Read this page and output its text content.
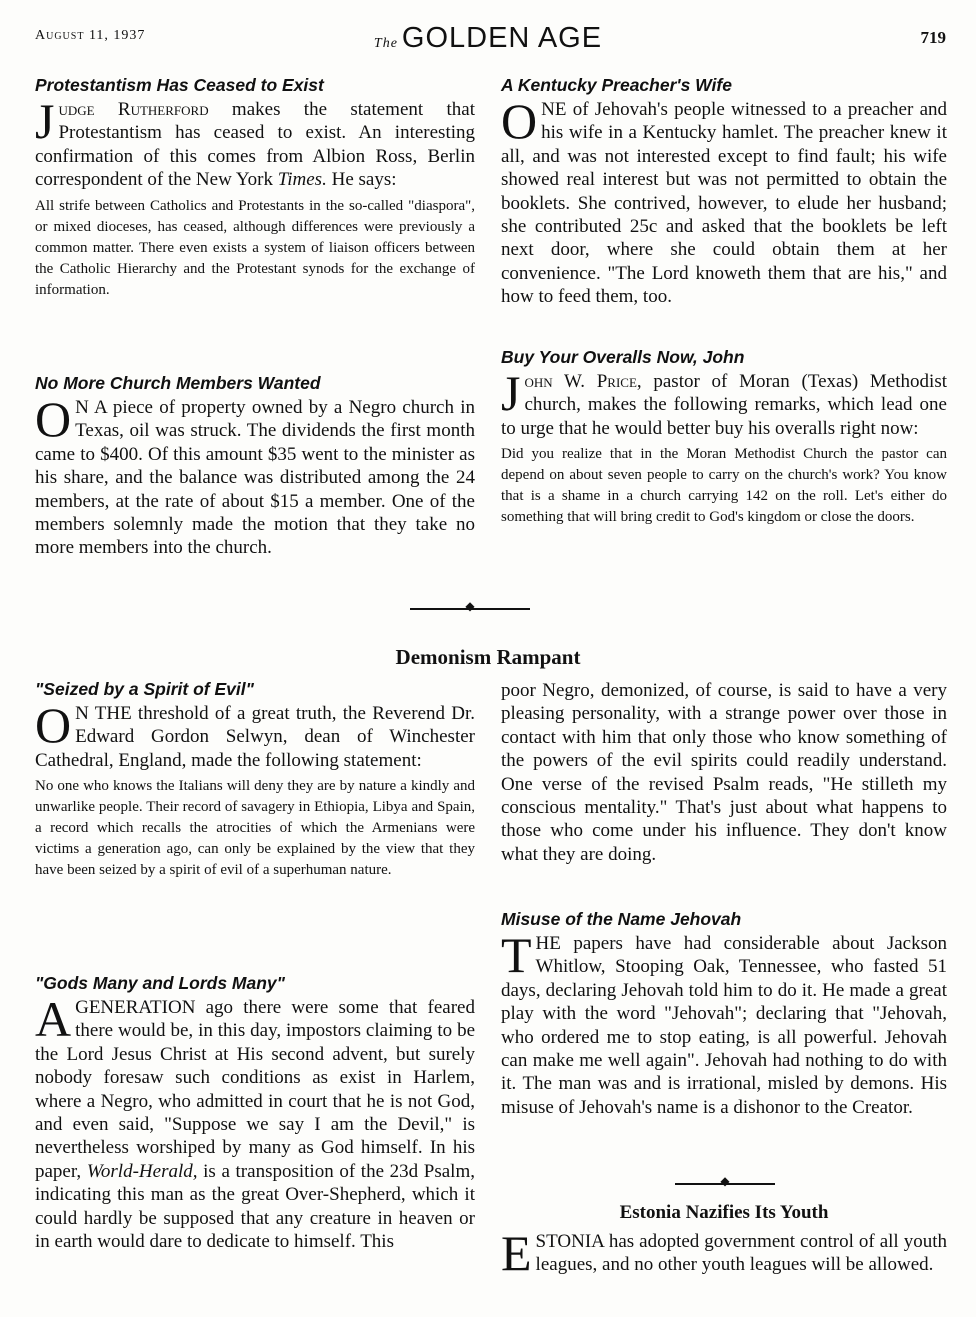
August 11, 1937
The GOLDEN AGE	719
Protestantism Has Ceased to Exist

Judge Rutherford makes the statement that Protestantism has ceased to exist. An interesting confirmation of this comes from Albion Ross, Berlin correspondent of the New York Times. He says:

All strife between Catholics and Protestants in the so-called "diaspora", or mixed dioceses, has ceased, although differences were previously a common matter. There even exists a system of liaison officers between the Catholic Hierarchy and the Protestant synods for the exchange of information.

No More Church Members Wanted

O N A piece of property owned by a Negro church in Texas, oil was struck. The dividends the first month came to $400. Of this amount $35 went to the minister as his share, and the balance was distributed among the 24 members, at the rate of about $15 a member. One of the members solemnly made the motion that they take no more members into the church.

A Kentucky Preacher's Wife

ONE of Jehovah's people witnessed to a preacher and his wife in a Kentucky hamlet. The preacher knew it all, and was not interested except to find fault; his wife showed real interest but was not permitted to obtain the booklets. She contrived, however, to elude her husband; she contributed 25c and asked that the booklets be left next door, where she could obtain them at her convenience. "The Lord knoweth them that are his," and how to feed them, too.

Buy Your Overalls Now, John

John W. Price, pastor of Moran (Texas) Methodist church, makes the following remarks, which lead one to urge that he would better buy his overalls right now:

Did you realize that in the Moran Methodist Church the pastor can depend on about seven people to carry on the church's work? You know that is a shame in a church carrying 142 on the roll. Let's either do something that will bring credit to God's kingdom or close the doors.

◆
Demonism Rampant
"Seized by a Spirit of Evil"

O N THE threshold of a great truth, the Reverend Dr. Edward Gordon Selwyn, dean of Winchester Cathedral, England, made the following statement:

No one who knows the Italians will deny they are by nature a kindly and unwarlike people. Their record of savagery in Ethiopia, Libya and Spain, a record which recalls the atrocities of which the Armenians were victims a generation ago, can only be explained by the view that they have been seized by a spirit of evil of a superhuman nature.

"Gods Many and Lords Many"

A GENERATION ago there were some that feared there would be, in this day, impostors claiming to be the Lord Jesus Christ at His second advent, but surely nobody foresaw such conditions as exist in Harlem, where a Negro, who admitted in court that he is not God, and even said, "Suppose we say I am the Devil," is nevertheless worshiped by many as God himself. In his paper, World-Herald, is a transposition of the 23d Psalm, indicating this man as the great Over-Shepherd, which it could hardly be supposed that any creature in heaven or in earth would dare to dedicate to himself. This

poor Negro, demonized, of course, is said to have a very pleasing personality, with a strange power over those in contact with him that only those who know something of the powers of the evil spirits could readily understand. One verse of the revised Psalm reads, "He stilleth my conscious mentality." That's just about what happens to those who come under his influence. They don't know what they are doing.

Misuse of the Name Jehovah

THE papers have had considerable about Jackson Whitlow, Stooping Oak, Tennessee, who fasted 51 days, declaring Jehovah told him to do it. He made a great play with the word "Jehovah"; declaring that "Jehovah, who ordered me to stop eating, is all powerful. Jehovah can make me well again". Jehovah had nothing to do with it. The man was and is irrational, misled by demons. His misuse of Jehovah's name is a dishonor to the Creator.

◆
Estonia Nazifies Its Youth

ESTONIA has adopted government control of all youth leagues, and no other youth leagues will be allowed.
